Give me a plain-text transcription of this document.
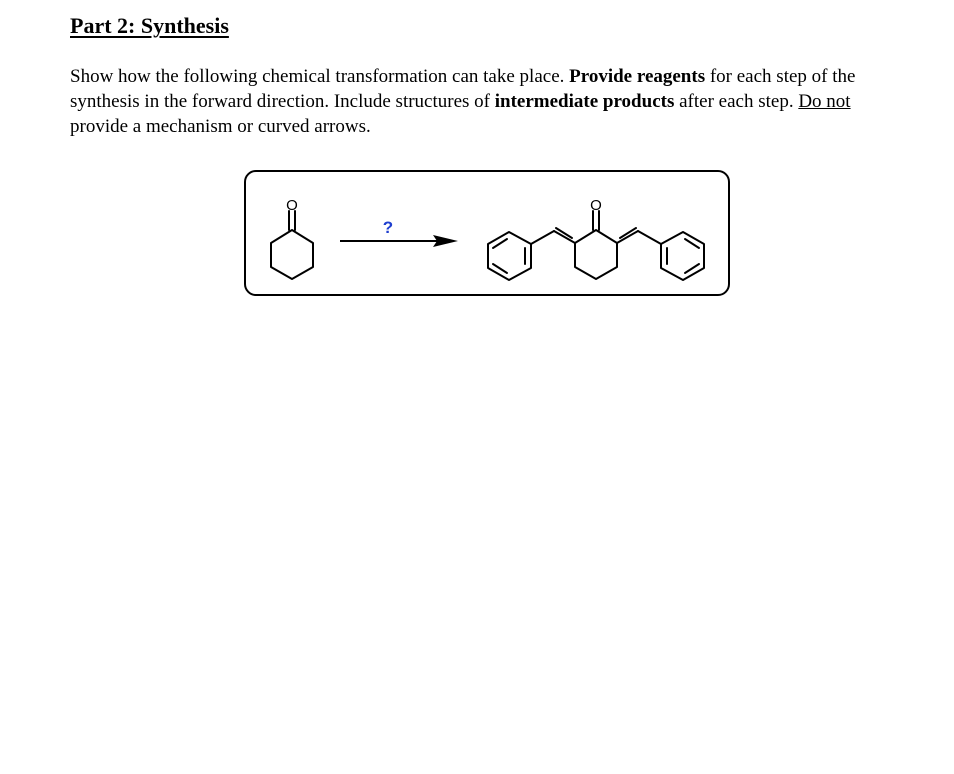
Part 2: Synthesis

Show how the following chemical transformation can take place. Provide reagents for each step of the synthesis in the forward direction. Include structures of intermediate products after each step. Do not provide a mechanism or curved arrows.

O	O
?
